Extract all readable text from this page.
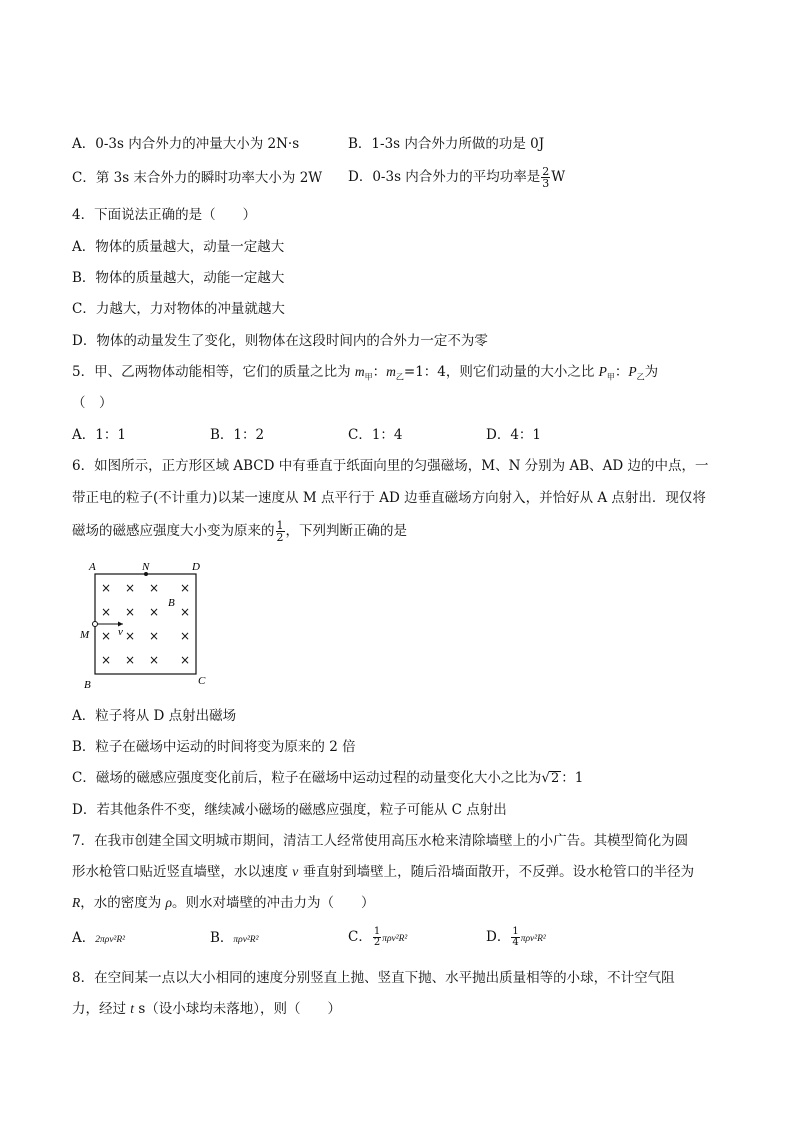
A．0-3s 内合外力的冲量大小为 2N·s	B．1-3s 内合外力所做的功是 0J
C．第 3s 末合外力的瞬时功率大小为 2W D．0-3s 内合外力的平均功率是 $\frac{2}{3}$ W
4．下面说法正确的是（　　）
A．物体的质量越大，动量一定越大
B．物体的质量越大，动能一定越大
C．力越大，力对物体的冲量就越大
D．物体的动量发生了变化，则物体在这段时间内的合外力一定不为零
5．甲、乙两物体动能相等，它们的质量之比为 $m_甲$：$m_乙=1$：4，则它们动量的大小之比 $P_甲$：$P_乙$为
（　）
A．1：1	B．1：2	C．1：4	D．4：1
6．如图所示，正方形区域 ABCD 中有垂直于纸面向里的匀强磁场，M、N 分别为 AB、AD 边的中点，一
带正电的粒子(不计重力)以某一速度从 M 点平行于 AD 边垂直磁场方向射入，并恰好从 A 点射出．现仅将
磁场的磁感应强度大小变为原来的 $\frac{1}{2}$ ，下列判断正确的是
A	N	D
M	v
B
B	C
× × × ×
× × × ×
× × × ×
× × × ×
A．粒子将从 D 点射出磁场
B．粒子在磁场中运动的时间将变为原来的 2 倍
C．磁场的磁感应强度变化前后，粒子在磁场中运动过程的动量变化大小之比为√2 ：1
D．若其他条件不变，继续减小磁场的磁感应强度，粒子可能从 C 点射出
7．在我市创建全国文明城市期间，清洁工人经常使用高压水枪来清除墙壁上的小广告。其模型简化为圆
形水枪管口贴近竖直墙壁，水以速度 v 垂直射到墙壁上，随后沿墙面散开，不反弹。设水枪管口的半径为
R，水的密度为 ρ。则水对墙壁的冲击力为（　　）
A．2πρv²R²	B．πρv²R²	C． $\frac{1}{2} \pi\rho v^2R^2$	D． $\frac{1}{4} \pi\rho v^2R^2$
8．在空间某一点以大小相同的速度分别竖直上抛、竖直下抛、水平抛出质量相等的小球，不计空气阻
力，经过 t s（设小球均未落地），则（　　）
